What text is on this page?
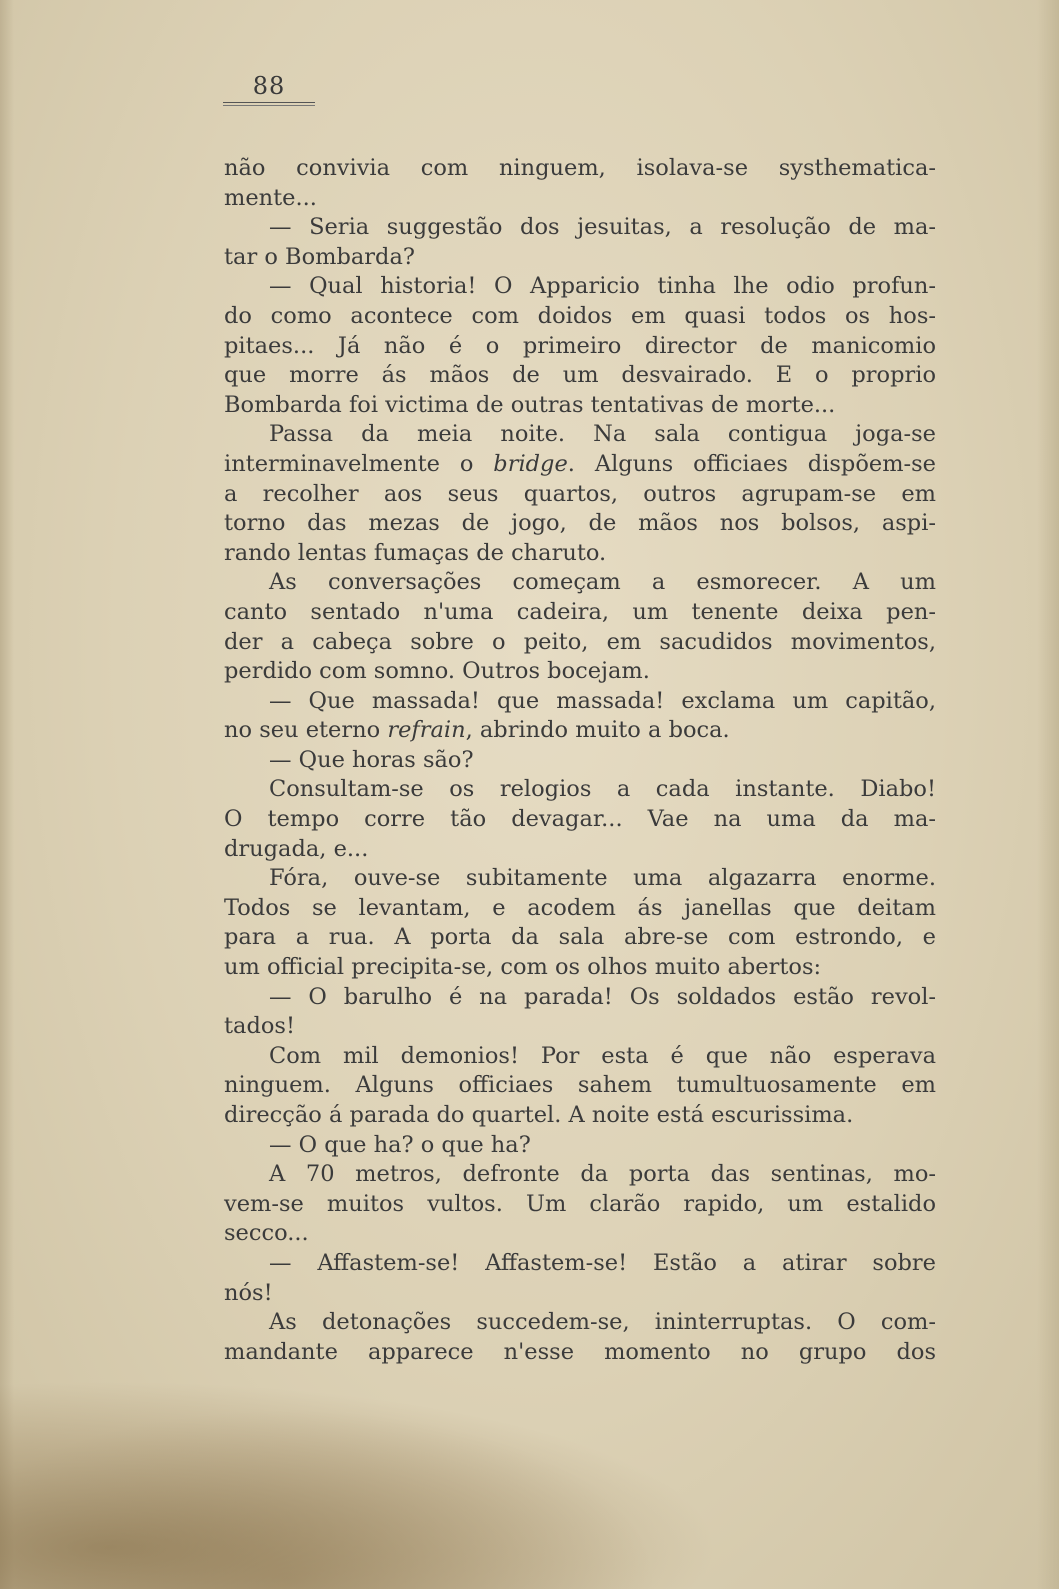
88
não convivia com ninguem, isolava-se systhematica-
mente...
— Seria suggestão dos jesuitas, a resolução de ma-
tar o Bombarda?
— Qual historia! O Apparicio tinha lhe odio profun-
do como acontece com doidos em quasi todos os hos-
pitaes... Já não é o primeiro director de manicomio
que morre ás mãos de um desvairado. E o proprio
Bombarda foi victima de outras tentativas de morte...
Passa da meia noite. Na sala contigua joga-se
interminavelmente o bridge. Alguns officiaes dispõem-se
a recolher aos seus quartos, outros agrupam-se em
torno das mezas de jogo, de mãos nos bolsos, aspi-
rando lentas fumaças de charuto.
As conversações começam a esmorecer. A um
canto sentado n'uma cadeira, um tenente deixa pen-
der a cabeça sobre o peito, em sacudidos movimentos,
perdido com somno. Outros bocejam.
— Que massada! que massada! exclama um capitão,
no seu eterno refrain, abrindo muito a boca.
— Que horas são?
Consultam-se os relogios a cada instante. Diabo!
O tempo corre tão devagar... Vae na uma da ma-
drugada, e...
Fóra, ouve-se subitamente uma algazarra enorme.
Todos se levantam, e acodem ás janellas que deitam
para a rua. A porta da sala abre-se com estrondo, e
um official precipita-se, com os olhos muito abertos:
— O barulho é na parada! Os soldados estão revol-
tados!
Com mil demonios! Por esta é que não esperava
ninguem. Alguns officiaes sahem tumultuosamente em
direcção á parada do quartel. A noite está escurissima.
— O que ha? o que ha?
A 70 metros, defronte da porta das sentinas, mo-
vem-se muitos vultos. Um clarão rapido, um estalido
secco...
— Affastem-se! Affastem-se! Estão a atirar sobre
nós!
As detonações succedem-se, ininterruptas. O com-
mandante apparece n'esse momento no grupo dos
